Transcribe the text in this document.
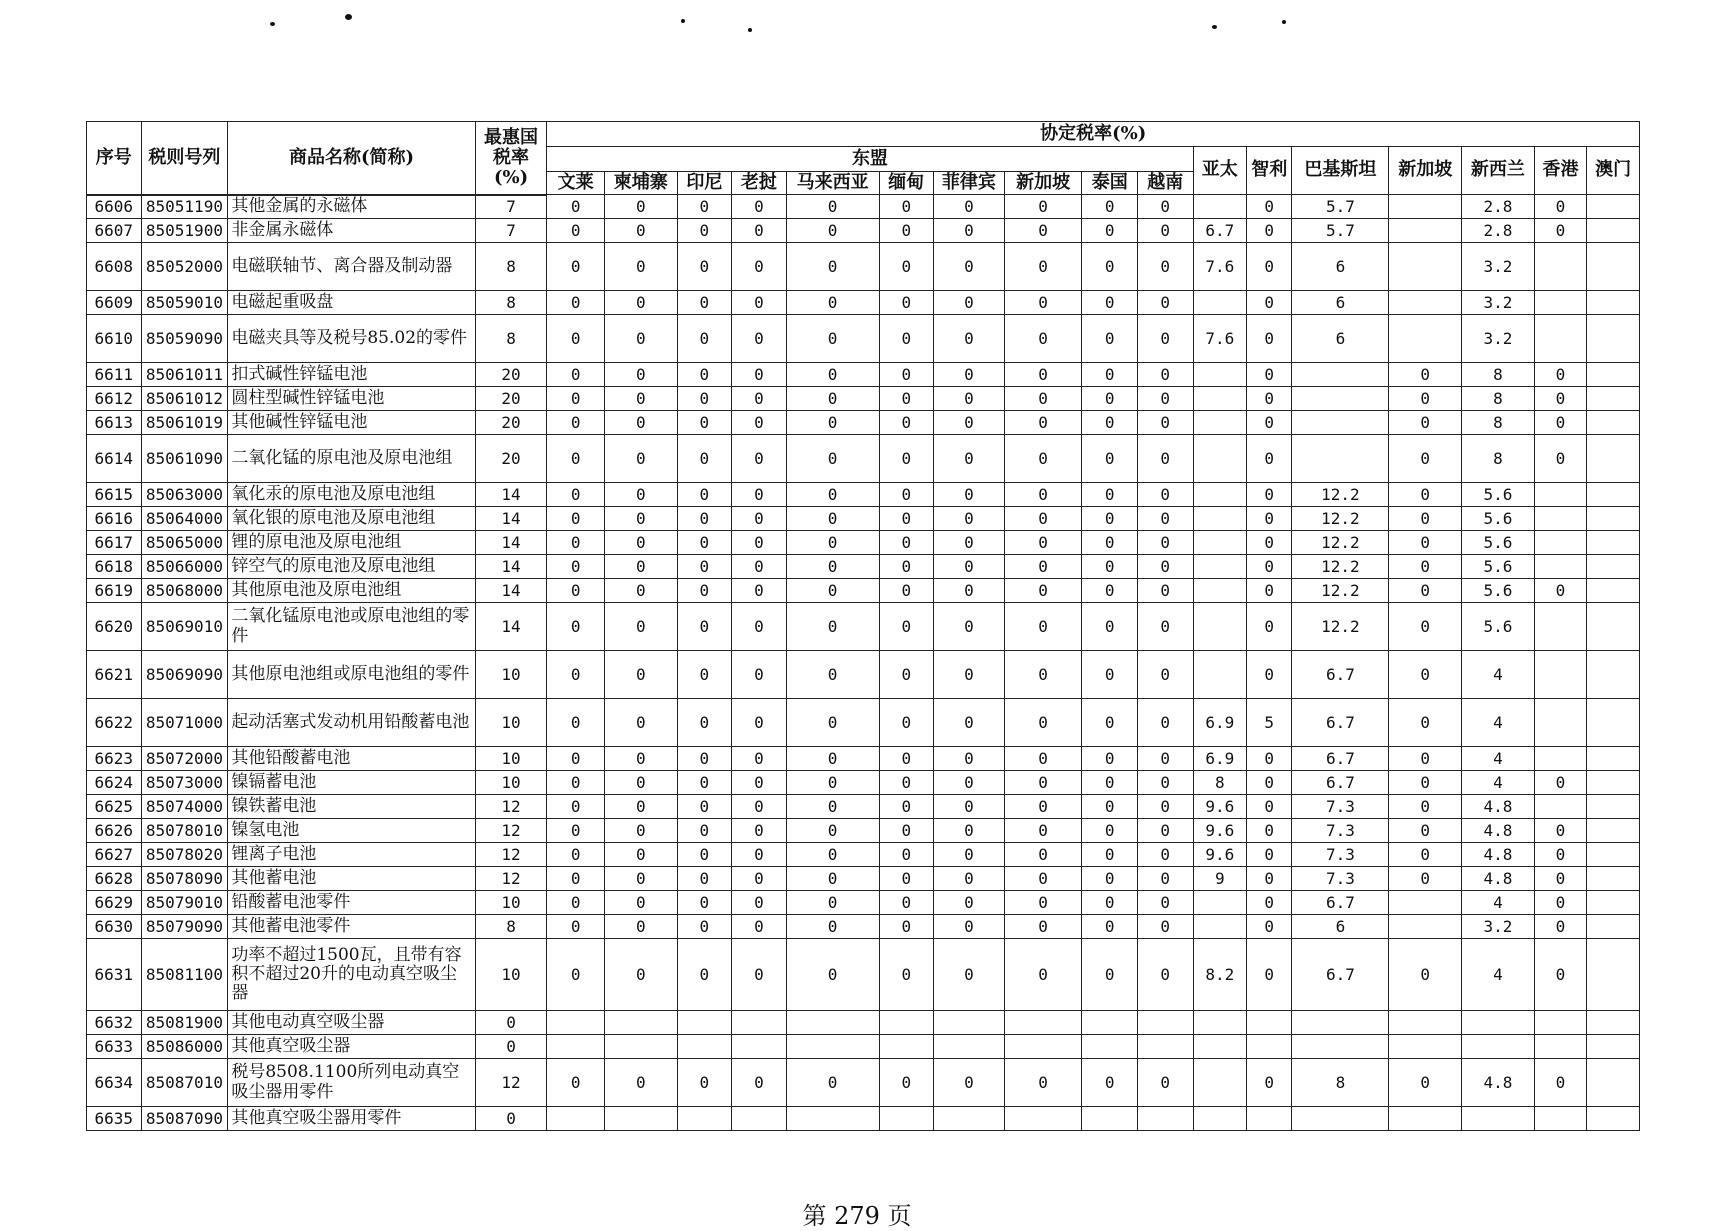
序号	税则号列	商品名称(简称)	最惠国
税率
(%)	协定税率(%)																
				东盟										亚太	智利	巴基斯坦	新加坡	新西兰	香港	澳门
				文莱	柬埔寨	印尼	老挝	马来西亚	缅甸	菲律宾	新加坡	泰国	越南							
6606	85051190	其他金属的永磁体	7	0	0	0	0	0	0	0	0	0	0		0	5.7		2.8	0	
6607	85051900	非金属永磁体	7	0	0	0	0	0	0	0	0	0	0	6.7	0	5.7		2.8	0	
6608	85052000	电磁联轴节、离合器及制动器	8	0	0	0	0	0	0	0	0	0	0	7.6	0	6		3.2		
6609	85059010	电磁起重吸盘	8	0	0	0	0	0	0	0	0	0	0		0	6		3.2		
6610	85059090	电磁夹具等及税号85.02的零件	8	0	0	0	0	0	0	0	0	0	0	7.6	0	6		3.2		
6611	85061011	扣式碱性锌锰电池	20	0	0	0	0	0	0	0	0	0	0		0		0	8	0	
6612	85061012	圆柱型碱性锌锰电池	20	0	0	0	0	0	0	0	0	0	0		0		0	8	0	
6613	85061019	其他碱性锌锰电池	20	0	0	0	0	0	0	0	0	0	0		0		0	8	0	
6614	85061090	二氧化锰的原电池及原电池组	20	0	0	0	0	0	0	0	0	0	0		0		0	8	0	
6615	85063000	氧化汞的原电池及原电池组	14	0	0	0	0	0	0	0	0	0	0		0	12.2	0	5.6		
6616	85064000	氧化银的原电池及原电池组	14	0	0	0	0	0	0	0	0	0	0		0	12.2	0	5.6		
6617	85065000	锂的原电池及原电池组	14	0	0	0	0	0	0	0	0	0	0		0	12.2	0	5.6		
6618	85066000	锌空气的原电池及原电池组	14	0	0	0	0	0	0	0	0	0	0		0	12.2	0	5.6		
6619	85068000	其他原电池及原电池组	14	0	0	0	0	0	0	0	0	0	0		0	12.2	0	5.6	0	
6620	85069010	二氧化锰原电池或原电池组的零件	14	0	0	0	0	0	0	0	0	0	0		0	12.2	0	5.6		
6621	85069090	其他原电池组或原电池组的零件	10	0	0	0	0	0	0	0	0	0	0		0	6.7	0	4		
6622	85071000	起动活塞式发动机用铅酸蓄电池	10	0	0	0	0	0	0	0	0	0	0	6.9	5	6.7	0	4		
6623	85072000	其他铅酸蓄电池	10	0	0	0	0	0	0	0	0	0	0	6.9	0	6.7	0	4		
6624	85073000	镍镉蓄电池	10	0	0	0	0	0	0	0	0	0	0	8	0	6.7	0	4	0	
6625	85074000	镍铁蓄电池	12	0	0	0	0	0	0	0	0	0	0	9.6	0	7.3	0	4.8		
6626	85078010	镍氢电池	12	0	0	0	0	0	0	0	0	0	0	9.6	0	7.3	0	4.8	0	
6627	85078020	锂离子电池	12	0	0	0	0	0	0	0	0	0	0	9.6	0	7.3	0	4.8	0	
6628	85078090	其他蓄电池	12	0	0	0	0	0	0	0	0	0	0	9	0	7.3	0	4.8	0	
6629	85079010	铅酸蓄电池零件	10	0	0	0	0	0	0	0	0	0	0		0	6.7		4	0	
6630	85079090	其他蓄电池零件	8	0	0	0	0	0	0	0	0	0	0		0	6		3.2	0	
6631	85081100	功率不超过1500瓦，且带有容积不超过20升的电动真空吸尘器	10	0	0	0	0	0	0	0	0	0	0	8.2	0	6.7	0	4	0	
6632	85081900	其他电动真空吸尘器	0																	
6633	85086000	其他真空吸尘器	0																	
6634	85087010	税号8508.1100所列电动真空吸尘器用零件	12	0	0	0	0	0	0	0	0	0	0		0	8	0	4.8	0	
6635	85087090	其他真空吸尘器用零件	0																	
第 279 页
